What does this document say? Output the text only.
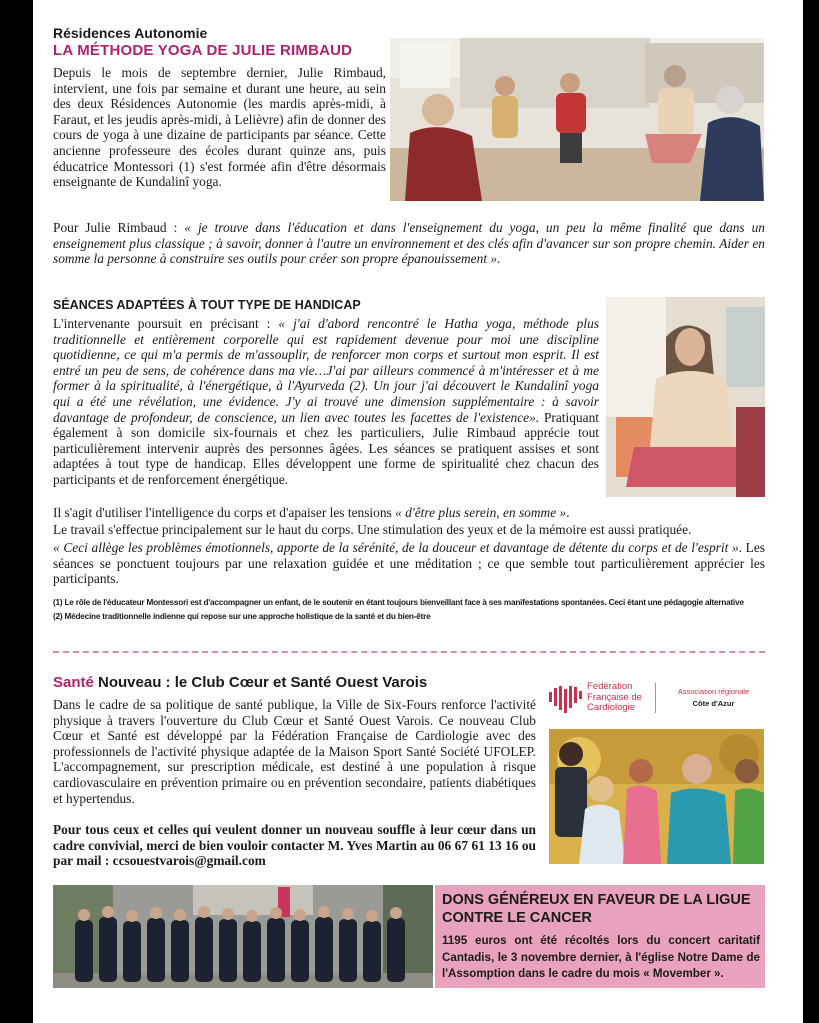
Résidences Autonomie
LA MÉTHODE YOGA DE JULIE RIMBAUD

Depuis le mois de septembre dernier, Julie Rimbaud, intervient, une fois par semaine et durant une heure, au sein des deux Résidences Autonomie (les mardis après-midi, à Faraut, et les jeudis après-midi, à Lelièvre) afin de donner des cours de yoga à une dizaine de participants par séance. Cette ancienne professeure des écoles durant quinze ans, puis éducatrice Montessori (1) s'est formée afin d'être désormais enseignante de Kundalinî yoga.

Pour Julie Rimbaud : « je trouve dans l'éducation et dans l'enseignement du yoga, un peu la même finalité que dans un enseignement plus classique ; à savoir, donner à l'autre un environnement et des clés afin d'avancer sur son propre chemin. Aider en somme la personne à construire ses outils pour créer son propre épanouissement ».

SÉANCES ADAPTÉES À TOUT TYPE DE HANDICAP

L'intervenante poursuit en précisant : « j'ai d'abord rencontré le Hatha yoga, méthode plus traditionnelle et entièrement corporelle qui est rapidement devenue pour moi une discipline quotidienne, ce qui m'a permis de m'assouplir, de renforcer mon corps et surtout mon esprit. Il est entré un peu de sens, de cohérence dans ma vie…J'ai par ailleurs commencé à m'intéresser et à me former à la spiritualité, à l'énergétique, à l'Ayurveda (2). Un jour j'ai découvert le Kundalinî yoga qui a été une révélation, une évidence. J'y ai trouvé une dimension supplémentaire : à savoir davantage de profondeur, de conscience, un lien avec toutes les facettes de l'existence». Pratiquant également à son domicile six-fournais et chez les particuliers, Julie Rimbaud apprécie tout particulièrement intervenir auprès des personnes âgées. Les séances se pratiquent assises et sont adaptées à tout type de handicap. Elles développent une forme de spiritualité chez chacun des participants et de renforcement énergétique.

Il s'agit d'utiliser l'intelligence du corps et d'apaiser les tensions « d'être plus serein, en somme ».

Le travail s'effectue principalement sur le haut du corps. Une stimulation des yeux et de la mémoire est aussi pratiquée.

« Ceci allège les problèmes émotionnels, apporte de la sérénité, de la douceur et davantage de détente du corps et de l'esprit ». Les séances se ponctuent toujours par une relaxation guidée et une méditation ; ce que semble tout particulièrement apprécier les participants.

(1) Le rôle de l'éducateur Montessori est d'accompagner un enfant, de le soutenir en étant toujours bienveillant face à ses manifestations spontanées. Ceci étant une pédagogie alternative
(2) Médecine traditionnelle indienne qui repose sur une approche holistique de la santé et du bien-être
Santé Nouveau : le Club Cœur et Santé Ouest Varois

Dans le cadre de sa politique de santé publique, la Ville de Six-Fours renforce l'activité physique à travers l'ouverture du Club Cœur et Santé Ouest Varois. Ce nouveau Club Cœur et Santé est développé par la Fédération Française de Cardiologie avec des professionnels de l'activité physique adaptée de la Maison Sport Santé Société UFOLEP. L'accompagnement, sur prescription médicale, est destiné à une population à risque cardiovasculaire en prévention primaire ou en prévention secondaire, patients diabétiques et hypertendus.

Pour tous ceux et celles qui veulent donner un nouveau souffle à leur cœur dans un cadre convivial, merci de bien vouloir contacter M. Yves Martin au 06 67 61 13 16 ou par mail : ccsouestvarois@gmail.com

Fédération
Française de
Cardiologie
Association régionale
Côte d'Azur
DONS GÉNÉREUX EN FAVEUR DE LA LIGUE CONTRE LE CANCER
1195 euros ont été récoltés lors du concert caritatif Cantadis, le 3 novembre dernier, à l'église Notre Dame de l'Assomption dans le cadre du mois « Movember ».
